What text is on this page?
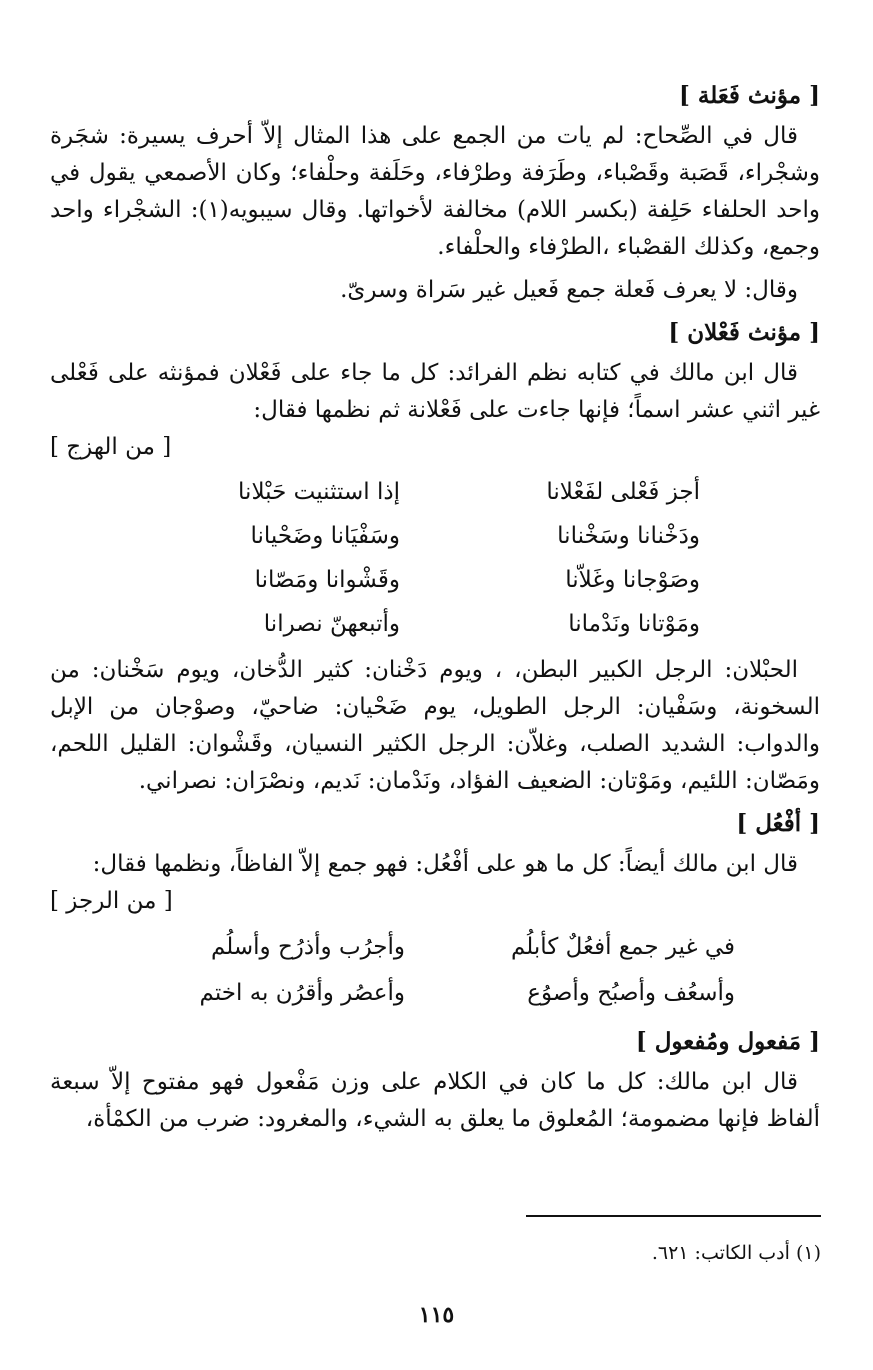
[ مؤنث فَعَلة ]

قال في الصِّحاح: لم يات من الجمع على هذا المثال إلاّ أحرف يسيرة: شجَرة وشجْراء، قَصَبة وقَصْباء، وطَرَفة وطرْفاء، وحَلَفة وحلْفاء؛ وكان الأصمعي يقول في واحد الحلفاء حَلِفة (بكسر اللام) مخالفة لأخواتها. وقال سيبويه(١): الشجْراء واحد وجمع، وكذلك القصْباء ،الطرْفاء والحلْفاء.

وقال: لا يعرف فَعلة جمع فَعيل غير سَراة وسرىّ.

[ مؤنث فَعْلان ]

قال ابن مالك في كتابه نظم الفرائد: كل ما جاء على فَعْلان فمؤنثه على فَعْلى غير اثني عشر اسماً؛ فإنها جاءت على فَعْلانة ثم نظمها فقال:

[ من الهزج ]

أجز فَعْلى لفَعْلانا
إذا استثنيت حَبْلانا
ودَخْنانا وسَخْنانا
وسَفْيَانا وضَحْيانا
وصَوْجانا وغَلاّنا
وقَشْوانا ومَصّانا
ومَوْتانا ونَدْمانا
وأتبعهنّ نصرانا

الحبْلان: الرجل الكبير البطن، ، ويوم دَخْنان: كثير الدُّخان، ويوم سَخْنان: من السخونة، وسَفْيان: الرجل الطويل، يوم ضَحْيان: ضاحيّ، وصوْجان من الإبل والدواب: الشديد الصلب، وغلاّن: الرجل الكثير النسيان، وقَشْوان: القليل اللحم، ومَصّان: اللئيم، ومَوْتان: الضعيف الفؤاد، ونَدْمان: نَديم، ونصْرَان: نصراني.

[ أفْعُل ]

قال ابن مالك أيضاً: كل ما هو على أفْعُل: فهو جمع إلاّ الفاظاً، ونظمها فقال:

[ من الرجز ]

في غير جمع أفعُلٌ كأبلُم
وأجرُب وأذرُح وأسلُم
وأسعُف وأصبُح وأصوُع
وأعصُر وأقرُن به اختم
[ مَفعول ومُفعول ]

قال ابن مالك: كل ما كان في الكلام على وزن مَفْعول فهو مفتوح إلاّ سبعة ألفاظ فإنها مضمومة؛ المُعلوق ما يعلق به الشيء، والمغرود: ضرب من الكمْأة،

(١) أدب الكاتب: ٦٢١.
١١٥
